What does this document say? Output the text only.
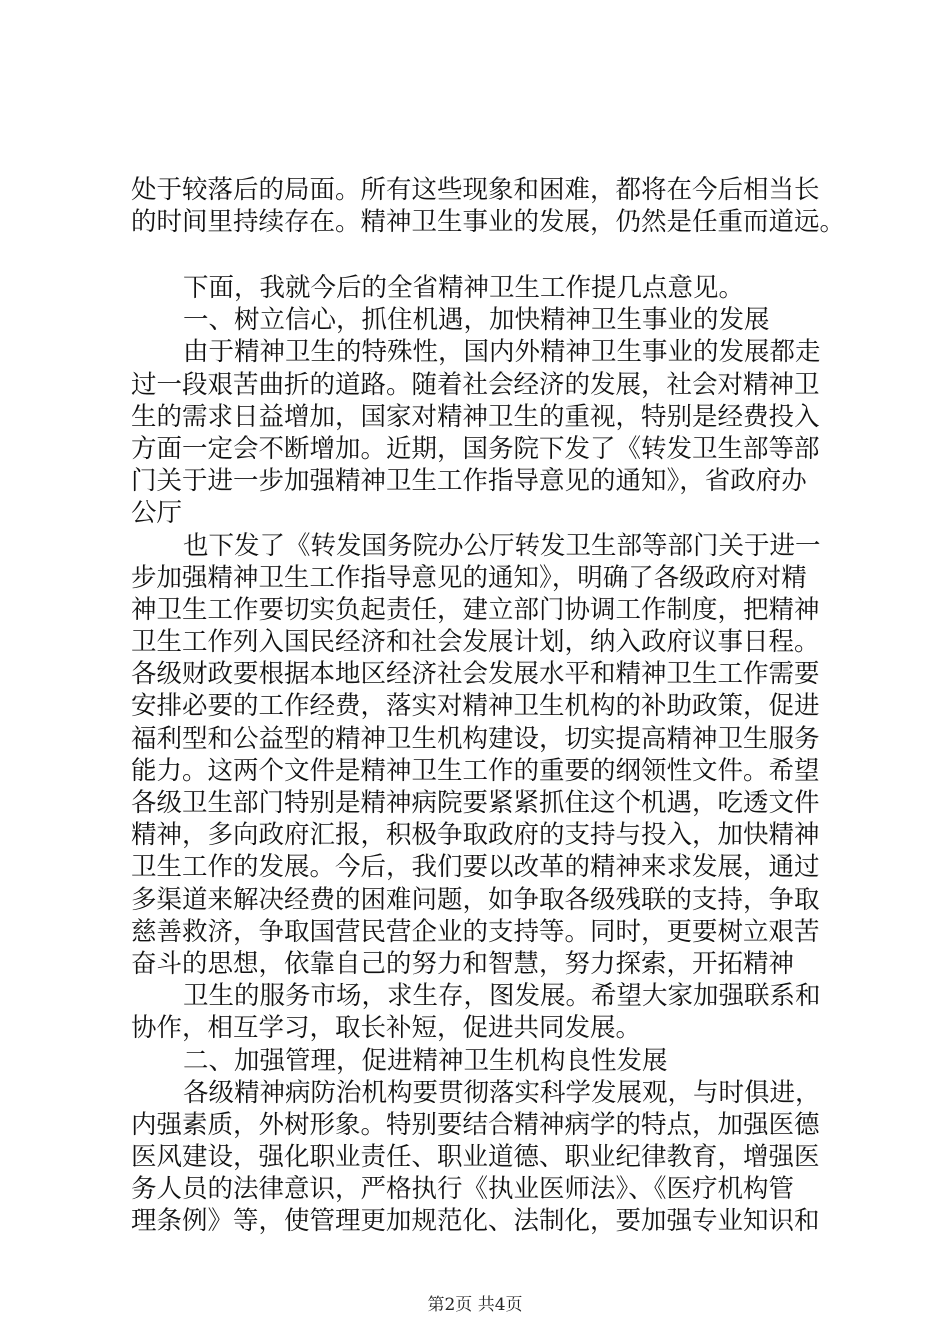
处于较落后的局面。所有这些现象和困难，都将在今后相当长
的时间里持续存在。精神卫生事业的发展，仍然是任重而道远。
下面，我就今后的全省精神卫生工作提几点意见。
一、树立信心，抓住机遇，加快精神卫生事业的发展
由于精神卫生的特殊性，国内外精神卫生事业的发展都走
过一段艰苦曲折的道路。随着社会经济的发展，社会对精神卫
生的需求日益增加，国家对精神卫生的重视，特别是经费投入
方面一定会不断增加。近期，国务院下发了《转发卫生部等部
门关于进一步加强精神卫生工作指导意见的通知》，省政府办
公厅
也下发了《转发国务院办公厅转发卫生部等部门关于进一
步加强精神卫生工作指导意见的通知》，明确了各级政府对精
神卫生工作要切实负起责任，建立部门协调工作制度，把精神
卫生工作列入国民经济和社会发展计划，纳入政府议事日程。
各级财政要根据本地区经济社会发展水平和精神卫生工作需要
安排必要的工作经费，落实对精神卫生机构的补助政策，促进
福利型和公益型的精神卫生机构建设，切实提高精神卫生服务
能力。这两个文件是精神卫生工作的重要的纲领性文件。希望
各级卫生部门特别是精神病院要紧紧抓住这个机遇，吃透文件
精神，多向政府汇报，积极争取政府的支持与投入，加快精神
卫生工作的发展。今后，我们要以改革的精神来求发展，通过
多渠道来解决经费的困难问题，如争取各级残联的支持，争取
慈善救济，争取国营民营企业的支持等。同时，更要树立艰苦
奋斗的思想，依靠自己的努力和智慧，努力探索，开拓精神
卫生的服务市场，求生存，图发展。希望大家加强联系和
协作，相互学习，取长补短，促进共同发展。
二、加强管理，促进精神卫生机构良性发展
各级精神病防治机构要贯彻落实科学发展观，与时俱进，
内强素质，外树形象。特别要结合精神病学的特点，加强医德
医风建设，强化职业责任、职业道德、职业纪律教育，增强医
务人员的法律意识，严格执行《执业医师法》、《医疗机构管
理条例》等，使管理更加规范化、法制化，要加强专业知识和
第2页 共4页
